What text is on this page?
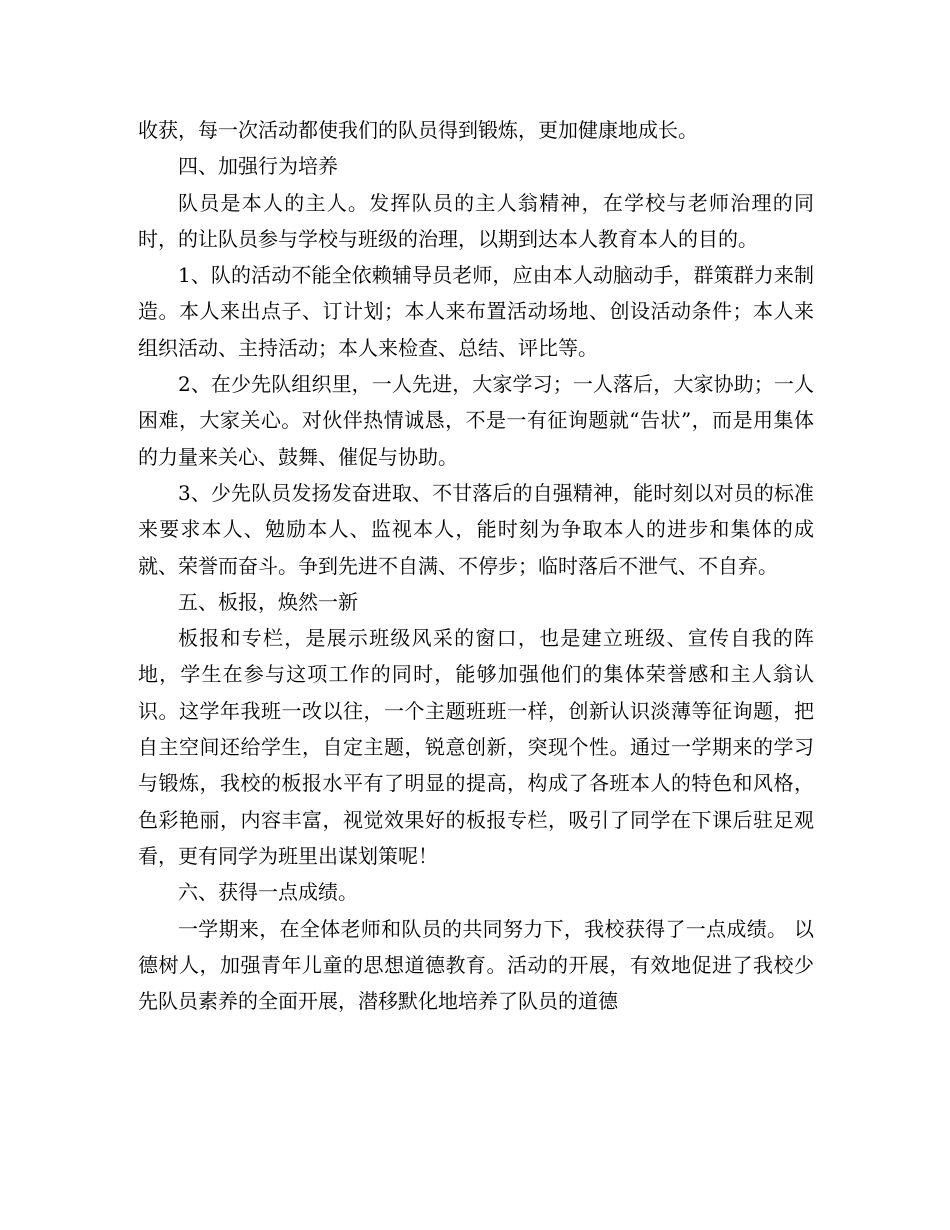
收获，每一次活动都使我们的队员得到锻炼，更加健康地成长。

四、加强行为培养

队员是本人的主人。发挥队员的主人翁精神，在学校与老师治理的同时，的让队员参与学校与班级的治理，以期到达本人教育本人的目的。

1、队的活动不能全依赖辅导员老师，应由本人动脑动手，群策群力来制造。本人来出点子、订计划；本人来布置活动场地、创设活动条件；本人来组织活动、主持活动；本人来检查、总结、评比等。

2、在少先队组织里，一人先进，大家学习；一人落后，大家协助；一人困难，大家关心。对伙伴热情诚恳，不是一有征询题就“告状”，而是用集体的力量来关心、鼓舞、催促与协助。

3、少先队员发扬发奋进取、不甘落后的自强精神，能时刻以对员的标准来要求本人、勉励本人、监视本人，能时刻为争取本人的进步和集体的成就、荣誉而奋斗。争到先进不自满、不停步；临时落后不泄气、不自弃。

五、板报，焕然一新

板报和专栏，是展示班级风采的窗口，也是建立班级、宣传自我的阵地，学生在参与这项工作的同时，能够加强他们的集体荣誉感和主人翁认识。这学年我班一改以往，一个主题班班一样，创新认识淡薄等征询题，把自主空间还给学生，自定主题，锐意创新，突现个性。通过一学期来的学习与锻炼，我校的板报水平有了明显的提高，构成了各班本人的特色和风格，色彩艳丽，内容丰富，视觉效果好的板报专栏，吸引了同学在下课后驻足观看，更有同学为班里出谋划策呢！

六、获得一点成绩。

一学期来，在全体老师和队员的共同努力下，我校获得了一点成绩。 以德树人，加强青年儿童的思想道德教育。活动的开展，有效地促进了我校少先队员素养的全面开展，潜移默化地培养了队员的道德
